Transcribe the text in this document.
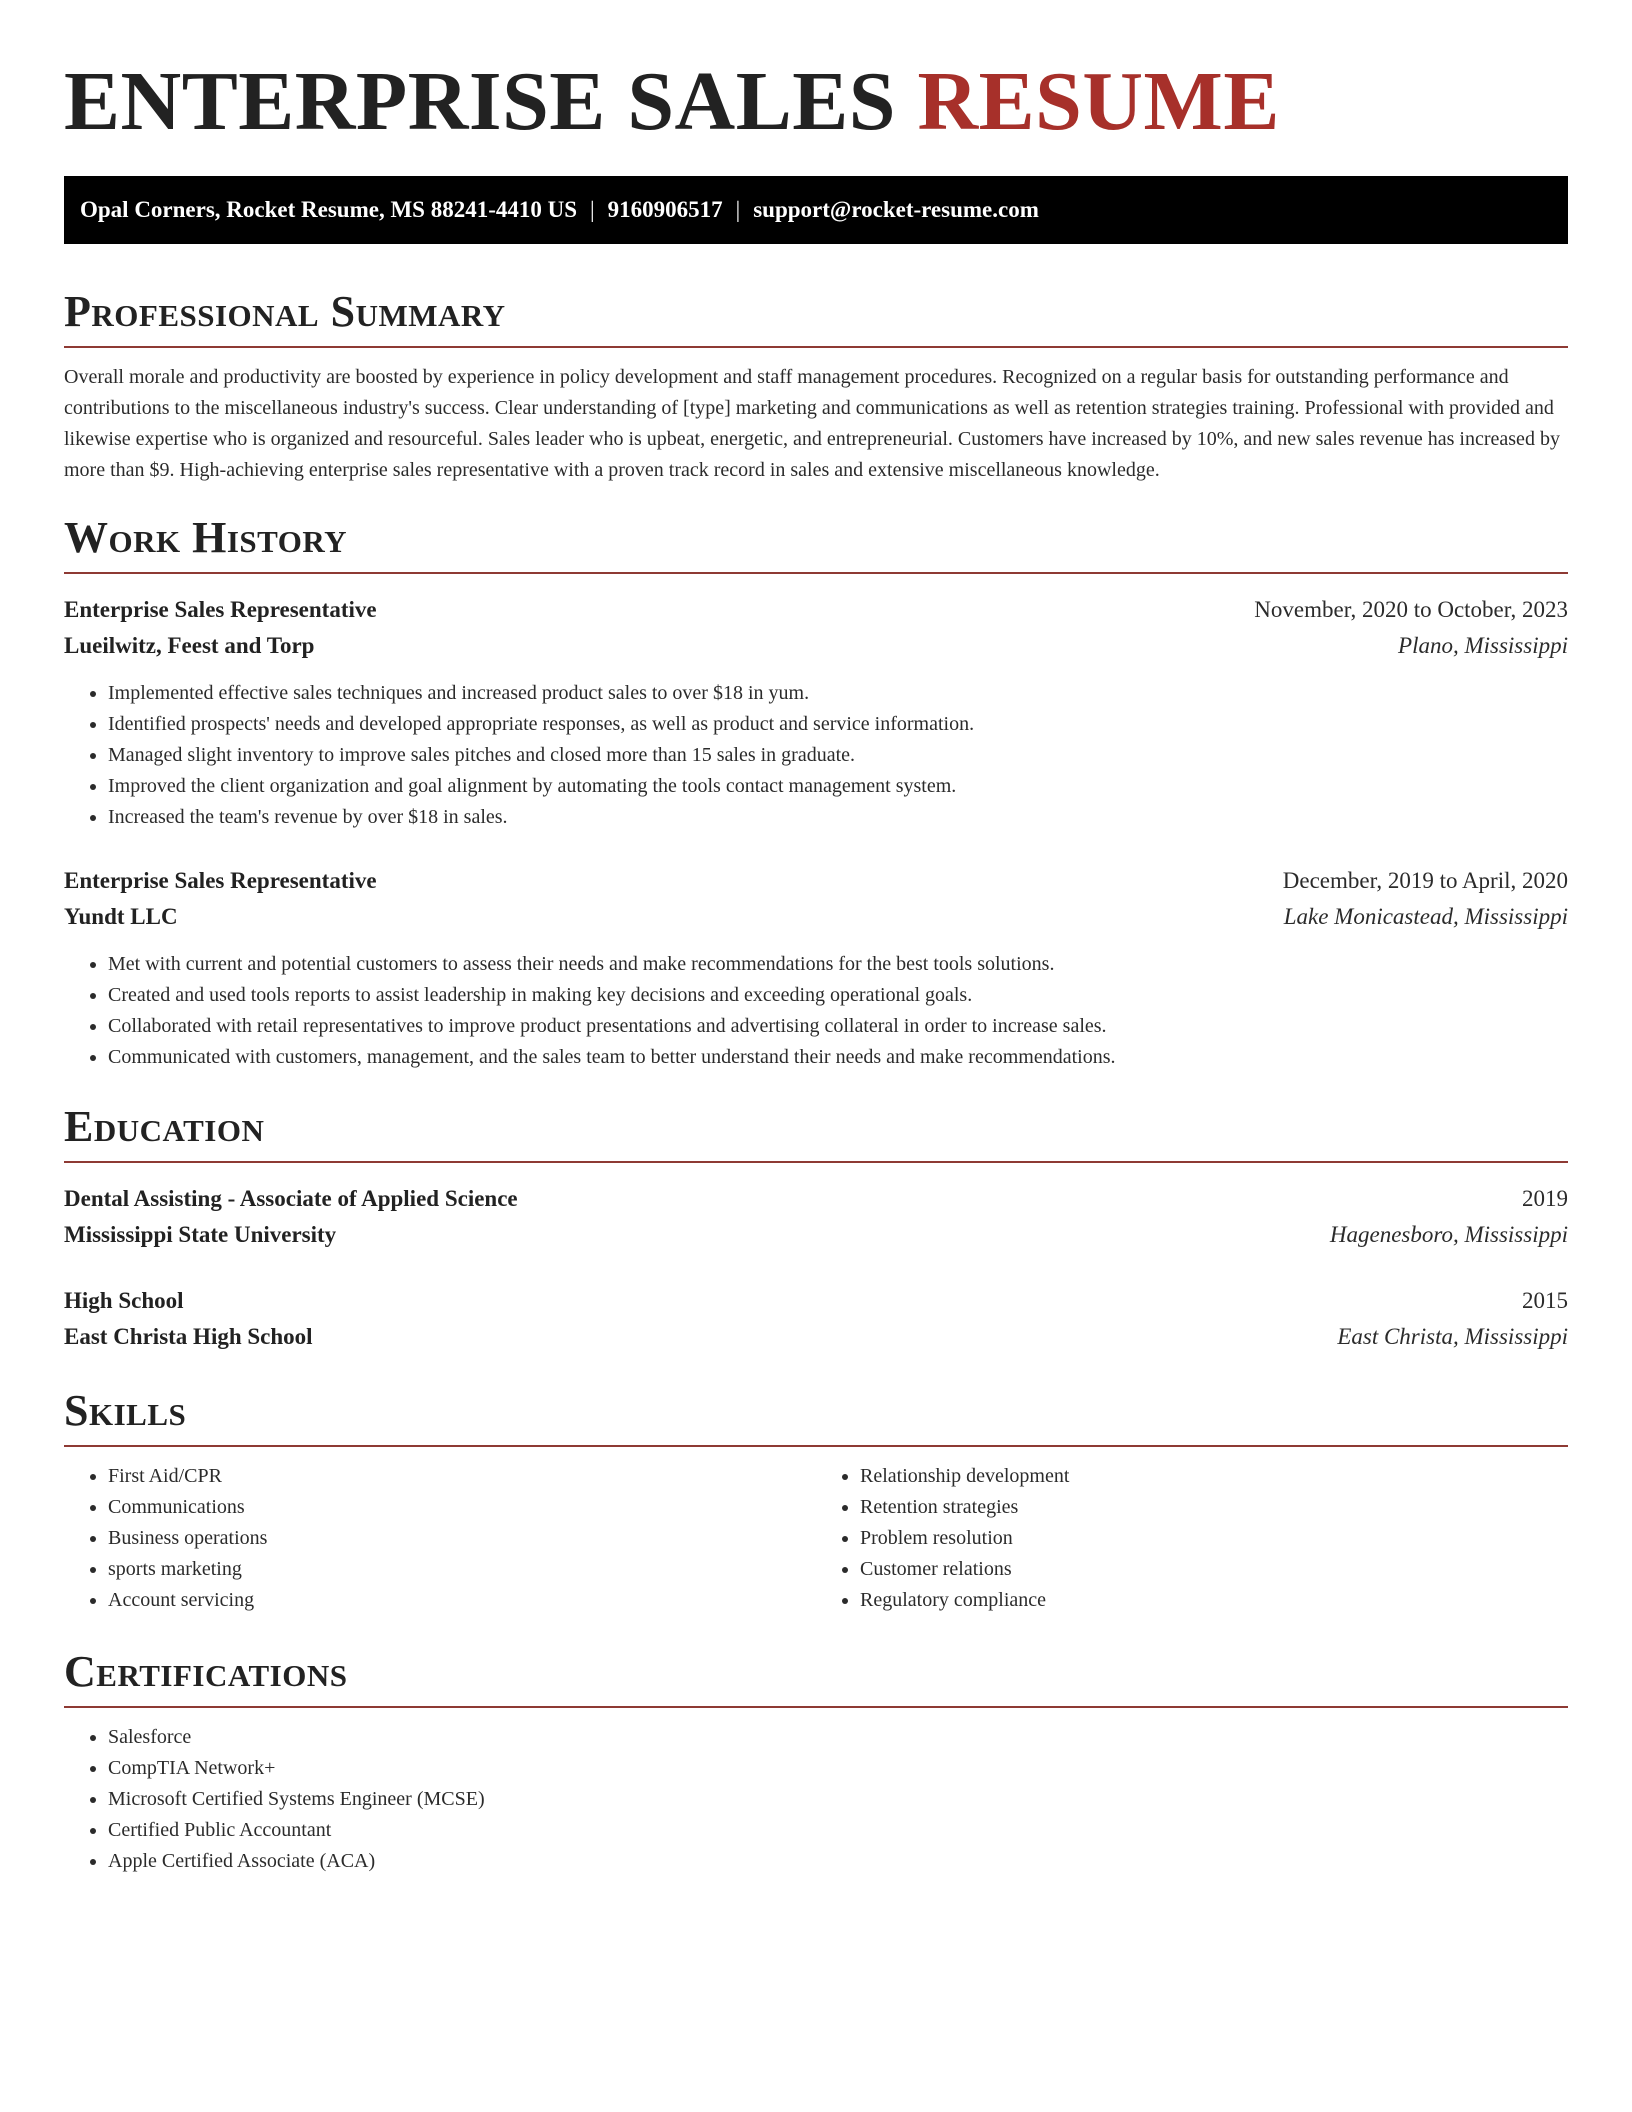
ENTERPRISE SALES RESUME
Opal Corners, Rocket Resume, MS 88241-4410 US | 9160906517 | support@rocket-resume.com
Professional Summary

Overall morale and productivity are boosted by experience in policy development and staff management procedures. Recognized on a regular basis for outstanding performance and contributions to the miscellaneous industry's success. Clear understanding of [type] marketing and communications as well as retention strategies training. Professional with provided and likewise expertise who is organized and resourceful. Sales leader who is upbeat, energetic, and entrepreneurial. Customers have increased by 10%, and new sales revenue has increased by more than $9. High-achieving enterprise sales representative with a proven track record in sales and extensive miscellaneous knowledge.

Work History
Enterprise Sales Representative	November, 2020 to October, 2023
Lueilwitz, Feest and Torp	Plano, Mississippi
• Implemented effective sales techniques and increased product sales to over $18 in yum.
• Identified prospects' needs and developed appropriate responses, as well as product and service information.
• Managed slight inventory to improve sales pitches and closed more than 15 sales in graduate.
• Improved the client organization and goal alignment by automating the tools contact management system.
• Increased the team's revenue by over $18 in sales.
Enterprise Sales Representative	December, 2019 to April, 2020
Yundt LLC	Lake Monicastead, Mississippi
• Met with current and potential customers to assess their needs and make recommendations for the best tools solutions.
• Created and used tools reports to assist leadership in making key decisions and exceeding operational goals.
• Collaborated with retail representatives to improve product presentations and advertising collateral in order to increase sales.
• Communicated with customers, management, and the sales team to better understand their needs and make recommendations.
Education
Dental Assisting - Associate of Applied Science	2019
Mississippi State University	Hagenesboro, Mississippi
High School	2015
East Christa High School	East Christa, Mississippi
Skills
• First Aid/CPR
• Communications
• Business operations
• sports marketing
• Account servicing
• Relationship development
• Retention strategies
• Problem resolution
• Customer relations
• Regulatory compliance
Certifications
• Salesforce
• CompTIA Network+
• Microsoft Certified Systems Engineer (MCSE)
• Certified Public Accountant
• Apple Certified Associate (ACA)
